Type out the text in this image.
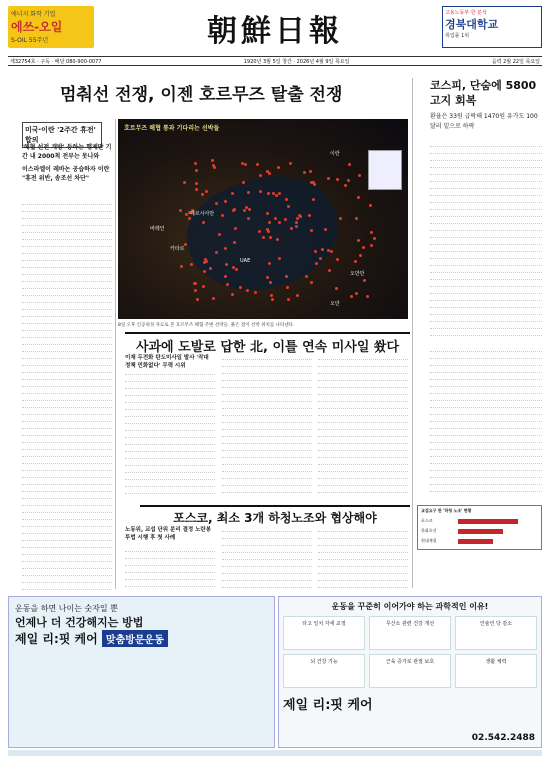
에너지 화학 기업
에쓰-오일
S-OIL 55주년	朝鮮日報
고용노동부 한 분석
경북대학교
취업률 1위
제32754호 · 구독 · 배달 080-900-0077	1920년 3월 5일 창간 · 2026년 4월 9일 목요일	음력 2월 22일 목요일
멈춰선 전쟁, 이젠 호르무즈 탈출 전쟁	코스피, 단숨에 5800 고지 회복
환율은 33원 급락해 1470원 유가도 100달러 밑으로 하락
미국·이란 '2주간 휴전' 합의
'해협 선전 개방' 등하는 행제만 기간 내 2000척 전부는 못나와
이스라엘이 레바논 공습하자 이란 "휴전 위반, 송조선 차단"
호르무즈 해협 통과 기다리는 선박들
이란
페르시아만
UAE
오만만
카타르
바레인
오만
8일 오후 인공위성 자료로 본 호르무즈 해협 주변 선박들. 붉은 점이 선박 위치를 나타낸다.
사과에 도발로 답한 北, 이틀 연속 미사일 쐈다
이재 두전화 탄도미사일 발사 '작대 정책 민화없다' 무력 시위
포스코, 최소 3개 하청노조와 협상해야
노동위, 교섭 단위 분리 결정 노란봉투법 시행 후 첫 사례
교섭요구 한 '하청 노조' 현황
포스코
한화오션
현대제철
운동을 하면 나이는 숫자일 뿐
언제나 더 건강해지는 방법
제일 리:핏 케어 맞춤방문운동
운동을 꾸준히 이어가야 하는 과학적인 이유!
타고 일치 자세 교정	무산소 관련 건강 개선	인슐린 당 감소
뇌 건강 기능	근육 증가로 관절 보호	생활 체력
제일 리:핏 케어
02.542.2488
